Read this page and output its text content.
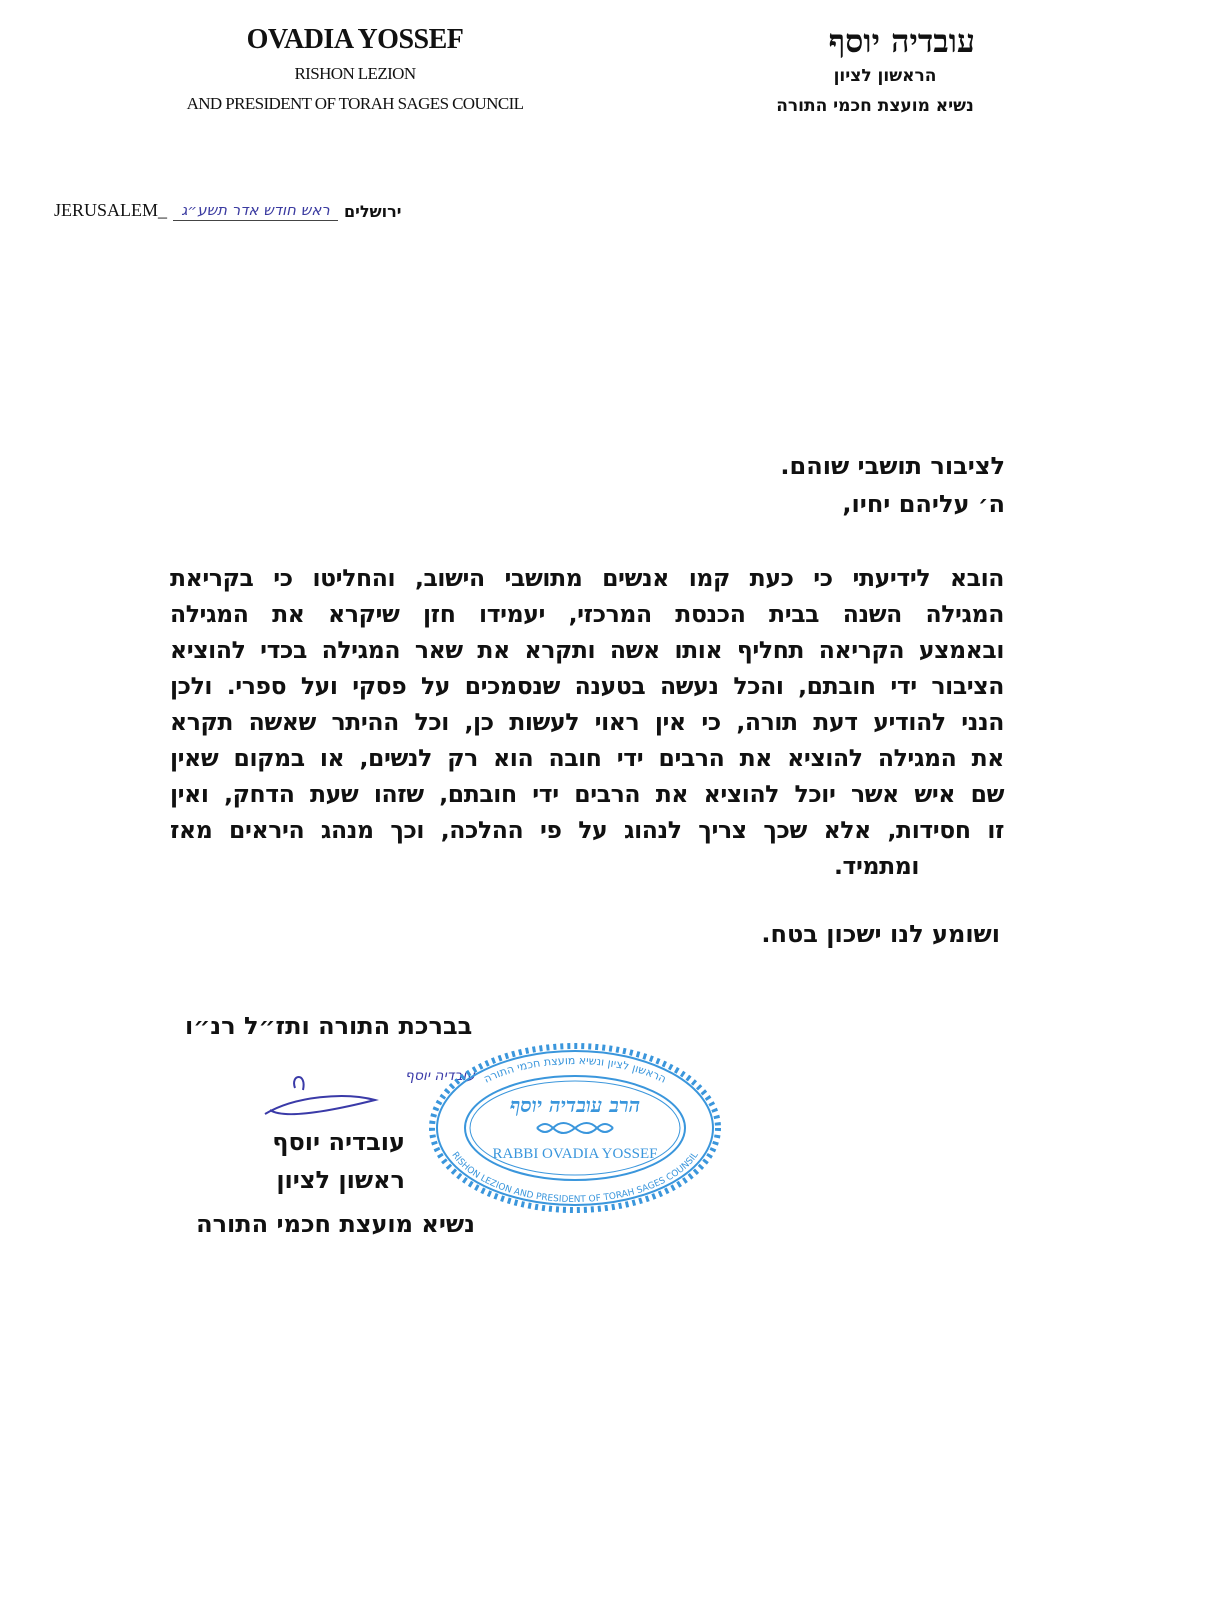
OVADIA YOSSEF
RISHON LEZION
AND PRESIDENT OF TORAH SAGES COUNCIL
עובדיה יוסף
הראשון לציון
נשיא מועצת חכמי התורה
JERUSALEM_ ראש חודש אדר תשע״ג ירושלים
לציבור תושבי שוהם.
ה׳ עליהם יחיו,
הובא לידיעתי כי כעת קמו אנשים מתושבי הישוב, והחליטו כי בקריאת
המגילה השנה בבית הכנסת המרכזי, יעמידו חזן שיקרא את המגילה
ובאמצע הקריאה תחליף אותו אשה ותקרא את שאר המגילה בכדי להוציא
הציבור ידי חובתם, והכל נעשה בטענה שנסמכים על פסקי ועל ספרי. ולכן
הנני להודיע דעת תורה, כי אין ראוי לעשות כן, וכל ההיתר שאשה תקרא
את המגילה להוציא את הרבים ידי חובה הוא רק לנשים, או במקום שאין
שם איש אשר יוכל להוציא את הרבים ידי חובתם, שזהו שעת הדחק, ואין
זו חסידות, אלא שכך צריך לנהוג על פי ההלכה, וכך מנהג היראים מאז
ומתמיד.
ושומע לנו ישכון בטח.
בברכת התורה ותז״ל רנ״ו
עובדיה יוסף
עובדיה יוסף
ראשון לציון
נשיא מועצת חכמי התורה
הראשון לציון ונשיא מועצת חכמי התורה
RISHON LEZION AND PRESIDENT OF TORAH SAGES COUNSIL
הרב עובדיה יוסף
RABBI OVADIA YOSSEF
